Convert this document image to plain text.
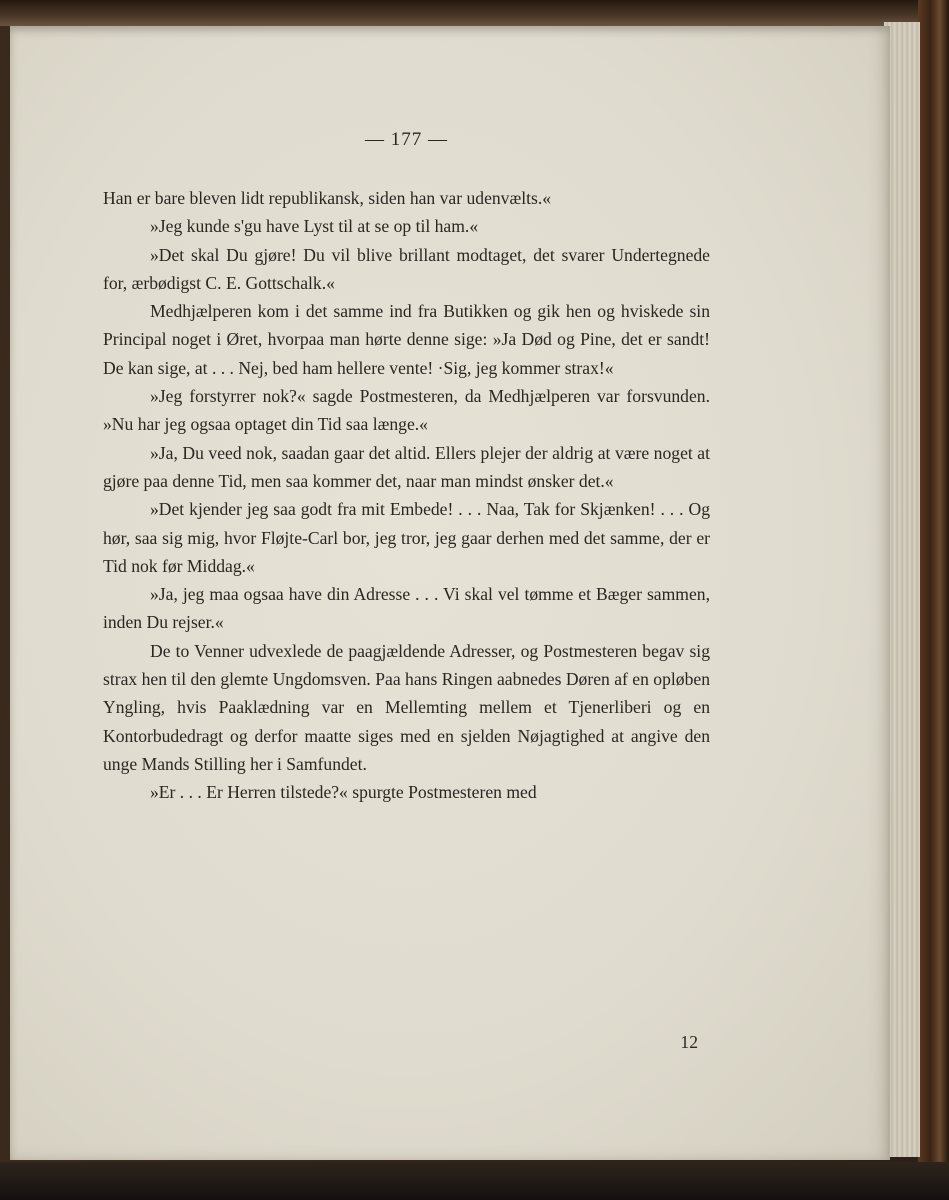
— 177 —

Han er bare bleven lidt republikansk, siden han var udenvælts.«

»Jeg kunde s'gu have Lyst til at se op til ham.«

»Det skal Du gjøre! Du vil blive brillant modtaget, det svarer Undertegnede for, ærbødigst C. E. Gottschalk.«

Medhjælperen kom i det samme ind fra Butikken og gik hen og hviskede sin Principal noget i Øret, hvorpaa man hørte denne sige: »Ja Død og Pine, det er sandt! De kan sige, at . . . Nej, bed ham hellere vente! ·Sig, jeg kommer strax!«

»Jeg forstyrrer nok?« sagde Postmesteren, da Medhjælperen var forsvunden. »Nu har jeg ogsaa optaget din Tid saa længe.«

»Ja, Du veed nok, saadan gaar det altid. Ellers plejer der aldrig at være noget at gjøre paa denne Tid, men saa kommer det, naar man mindst ønsker det.«

»Det kjender jeg saa godt fra mit Embede! . . . Naa, Tak for Skjænken! . . . Og hør, saa sig mig, hvor Fløjte-Carl bor, jeg tror, jeg gaar derhen med det samme, der er Tid nok før Middag.«

»Ja, jeg maa ogsaa have din Adresse . . . Vi skal vel tømme et Bæger sammen, inden Du rejser.«

De to Venner udvexlede de paagjældende Adresser, og Postmesteren begav sig strax hen til den glemte Ungdomsven. Paa hans Ringen aabnedes Døren af en opløben Yngling, hvis Paaklædning var en Mellemting mellem et Tjenerliberi og en Kontorbudedragt og derfor maatte siges med en sjelden Nøjagtighed at angive den unge Mands Stilling her i Samfundet.

»Er . . . Er Herren tilstede?« spurgte Postmesteren med

12
